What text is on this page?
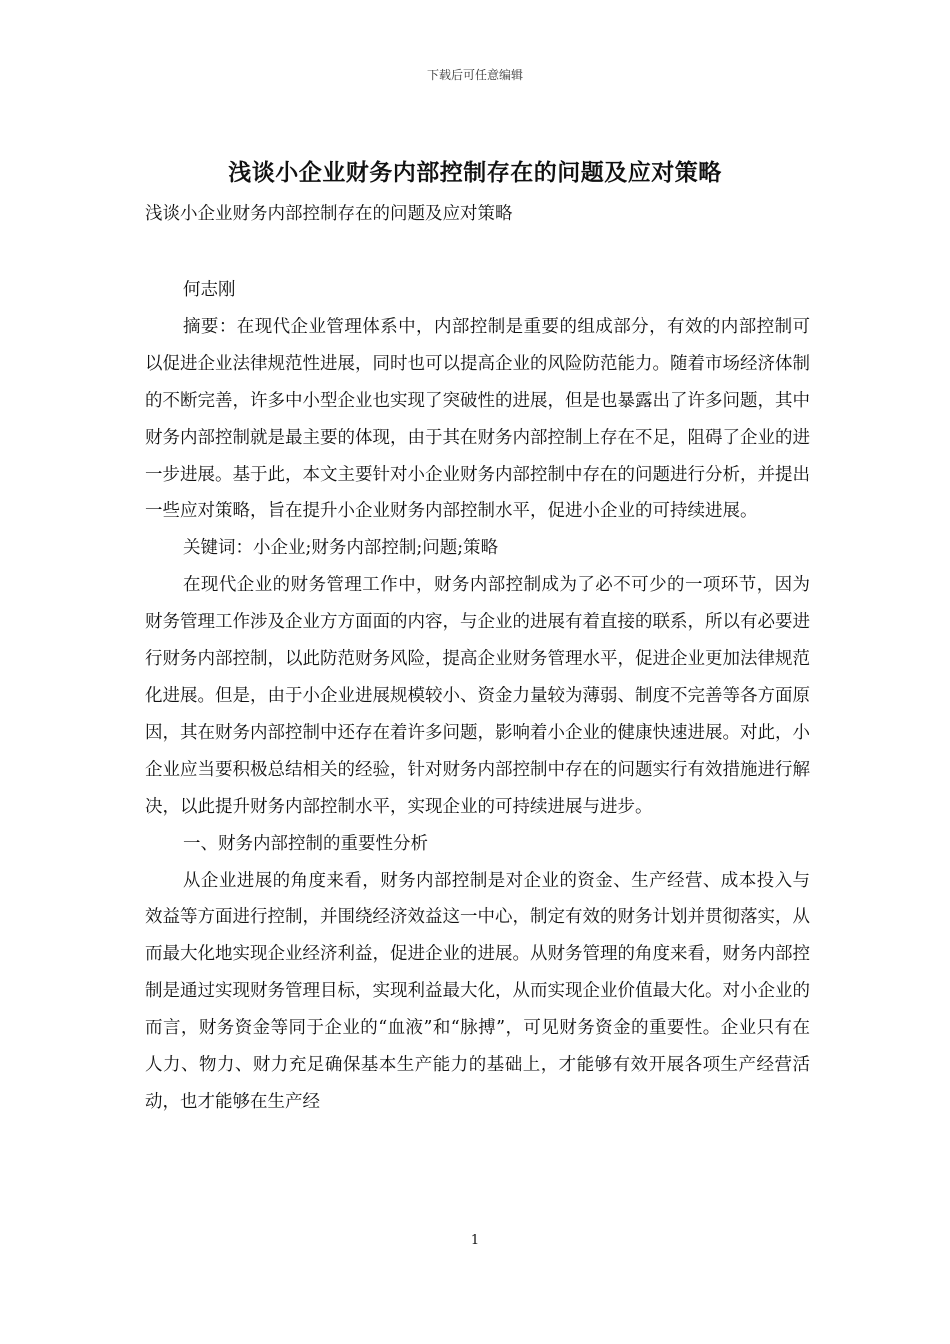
下载后可任意编辑
浅谈小企业财务内部控制存在的问题及应对策略
浅谈小企业财务内部控制存在的问题及应对策略

何志刚

摘要：在现代企业管理体系中，内部控制是重要的组成部分，有效的内部控制可以促进企业法律规范性进展，同时也可以提高企业的风险防范能力。随着市场经济体制的不断完善，许多中小型企业也实现了突破性的进展，但是也暴露出了许多问题，其中财务内部控制就是最主要的体现，由于其在财务内部控制上存在不足，阻碍了企业的进一步进展。基于此，本文主要针对小企业财务内部控制中存在的问题进行分析，并提出一些应对策略，旨在提升小企业财务内部控制水平，促进小企业的可持续进展。

关键词：小企业;财务内部控制;问题;策略

在现代企业的财务管理工作中，财务内部控制成为了必不可少的一项环节，因为财务管理工作涉及企业方方面面的内容，与企业的进展有着直接的联系，所以有必要进行财务内部控制，以此防范财务风险，提高企业财务管理水平，促进企业更加法律规范化进展。但是，由于小企业进展规模较小、资金力量较为薄弱、制度不完善等各方面原因，其在财务内部控制中还存在着许多问题，影响着小企业的健康快速进展。对此，小企业应当要积极总结相关的经验，针对财务内部控制中存在的问题实行有效措施进行解决，以此提升财务内部控制水平，实现企业的可持续进展与进步。

一、财务内部控制的重要性分析

从企业进展的角度来看，财务内部控制是对企业的资金、生产经营、成本投入与效益等方面进行控制，并围绕经济效益这一中心，制定有效的财务计划并贯彻落实，从而最大化地实现企业经济利益，促进企业的进展。从财务管理的角度来看，财务内部控制是通过实现财务管理目标，实现利益最大化，从而实现企业价值最大化。对小企业的而言，财务资金等同于企业的“血液”和“脉搏”，可见财务资金的重要性。企业只有在人力、物力、财力充足确保基本生产能力的基础上，才能够有效开展各项生产经营活动，也才能够在生产经

1
